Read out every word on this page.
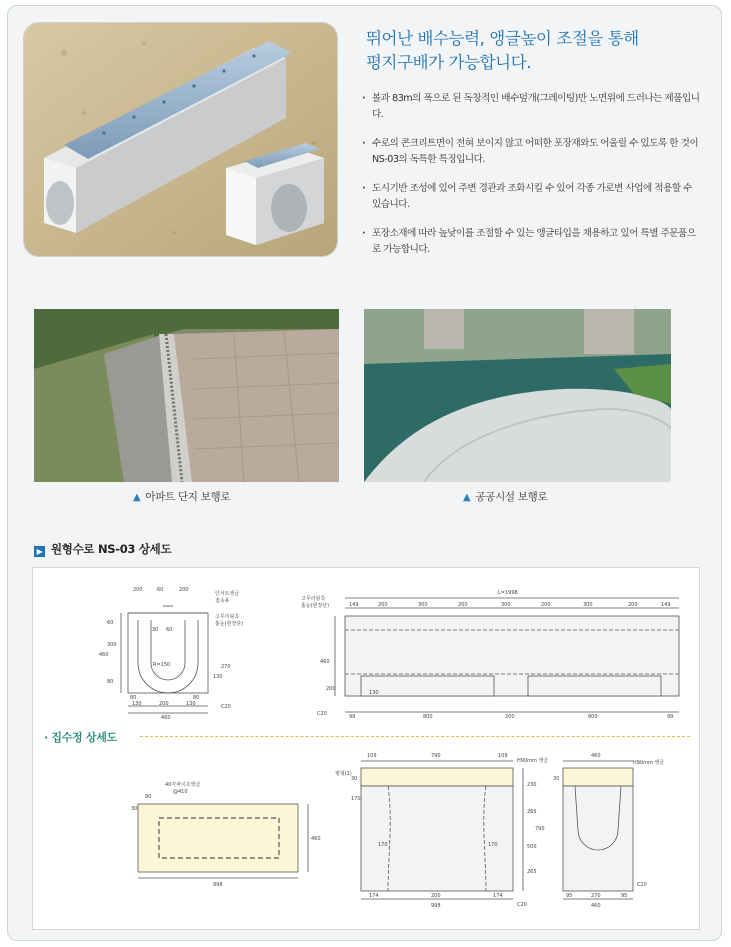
뛰어난 배수능력, 앵글높이 조절을 통해
평지구배가 가능합니다.
· 볼과 83m의 폭으로 된 독창적인 배수덮개(그레이팅)만 노면위에 드러나는 제품입니다.
· 수로의 콘크리트면이 전혀 보이지 않고 어떠한 포장재와도 어울릴 수 있도록 한 것이 NS-03의 독특한 특징입니다.
· 도시기반 조성에 있어 주변 경관과 조화시킬 수 있어 각종 가로변 사업에 적용할 수 있습니다.
· 포장소재에 따라 높낮이를 조절할 수 있는 앵글타입을 채용하고 있어 특별 주문품으로 가능합니다.
▲ 아파트 단지 보행로	▲ 공공시설 보행로
▶ 원형수로 NS-03 상세도
200	60	200
인서트앵글
접속용
고무리핑측
홈눈(현장단)
R=150
60
300
460
80
130	200	130
30 60
80	80
460
130
270
C20
L=1998
149	200	300	200	300	200	300	200	149
고무리핑측
홈눈(현장단)
460
200
130
99	800	200	800	99
C20
40각파이프앵글
@410
80
30
460
998
109	790	109
H90mm 앵글
평형(1)
30
170
230
265
790
500
265
170	170
174	200	174
998	C20
460
H90mm 앵글
30
95	270	95
460
C20
· 집수정 상세도
